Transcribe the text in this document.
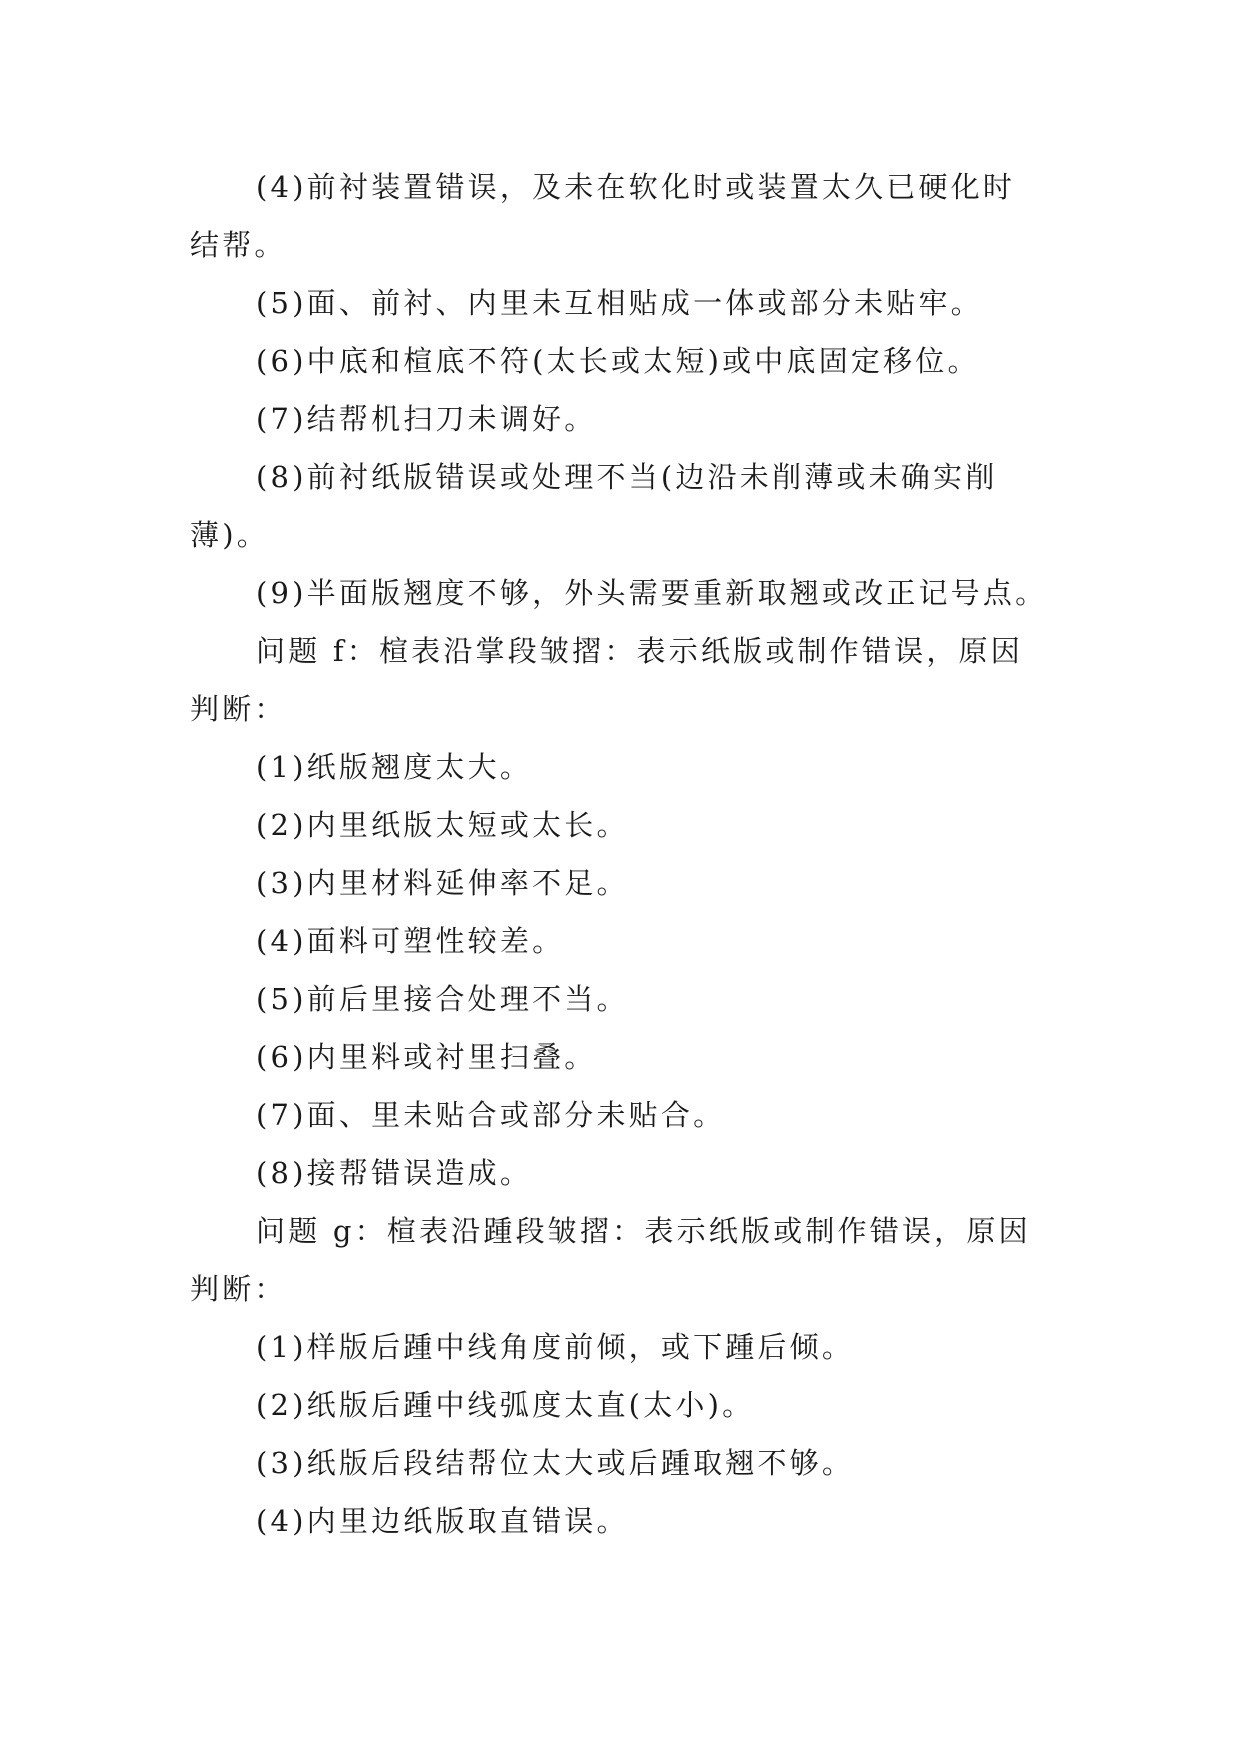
(4)前衬装置错误，及未在软化时或装置太久已硬化时
结帮。
(5)面、前衬、内里未互相贴成一体或部分未贴牢。
(6)中底和楦底不符(太长或太短)或中底固定移位。
(7)结帮机扫刀未调好。
(8)前衬纸版错误或处理不当(边沿未削薄或未确实削
薄)。
(9)半面版翘度不够，外头需要重新取翘或改正记号点。
问题 f：楦表沿掌段皱摺：表示纸版或制作错误，原因
判断：
(1)纸版翘度太大。
(2)内里纸版太短或太长。
(3)内里材料延伸率不足。
(4)面料可塑性较差。
(5)前后里接合处理不当。
(6)内里料或衬里扫叠。
(7)面、里未贴合或部分未贴合。
(8)接帮错误造成。
问题 g：楦表沿踵段皱摺：表示纸版或制作错误，原因
判断：
(1)样版后踵中线角度前倾，或下踵后倾。
(2)纸版后踵中线弧度太直(太小)。
(3)纸版后段结帮位太大或后踵取翘不够。
(4)内里边纸版取直错误。
